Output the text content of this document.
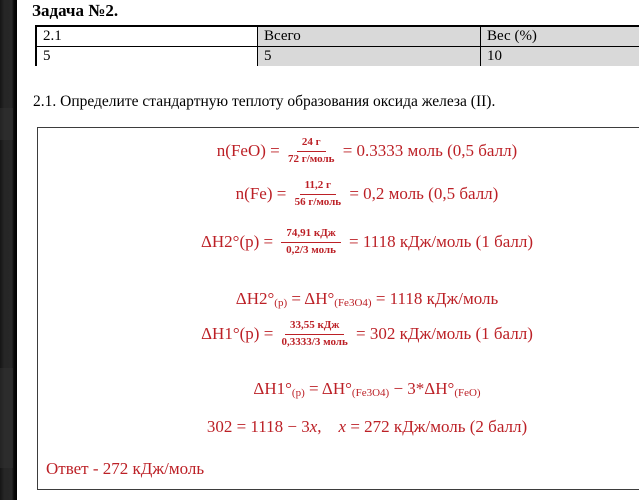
Задача №2.
2.1	Всего	Вес (%)
5	5	10
2.1. Определите стандартную теплоту образования оксида железа (II).
$n(FeO) = \frac{24 г}{\text{72 г/моль}} = 0.3333$ моль (0,5 балл)
$n(Fe) = \frac{11,2 г}{\text{56 г/моль}} = 0,2$ моль (0,5 балл)
$\Delta H2^\circ(р) = \frac{\text{74,91 кДж}}{\text{0,2/3 моль}} = 1118$ кДж/моль (1 балл)
ΔH2° (р) = ΔH° (Fe3O4) = 1118 кДж/моль
$\Delta H1^\circ(р) = \frac{\text{33,55 кДж}}{\text{0,3333/3 моль}} = 302$ кДж/моль (1 балл)
ΔH1° (р) = ΔH° (Fe3O4) − 3*ΔH° (FeO)
302 = 1118 − 3 x , x = 272 кДж/моль (2 балл)
Ответ - 272 кДж/моль
